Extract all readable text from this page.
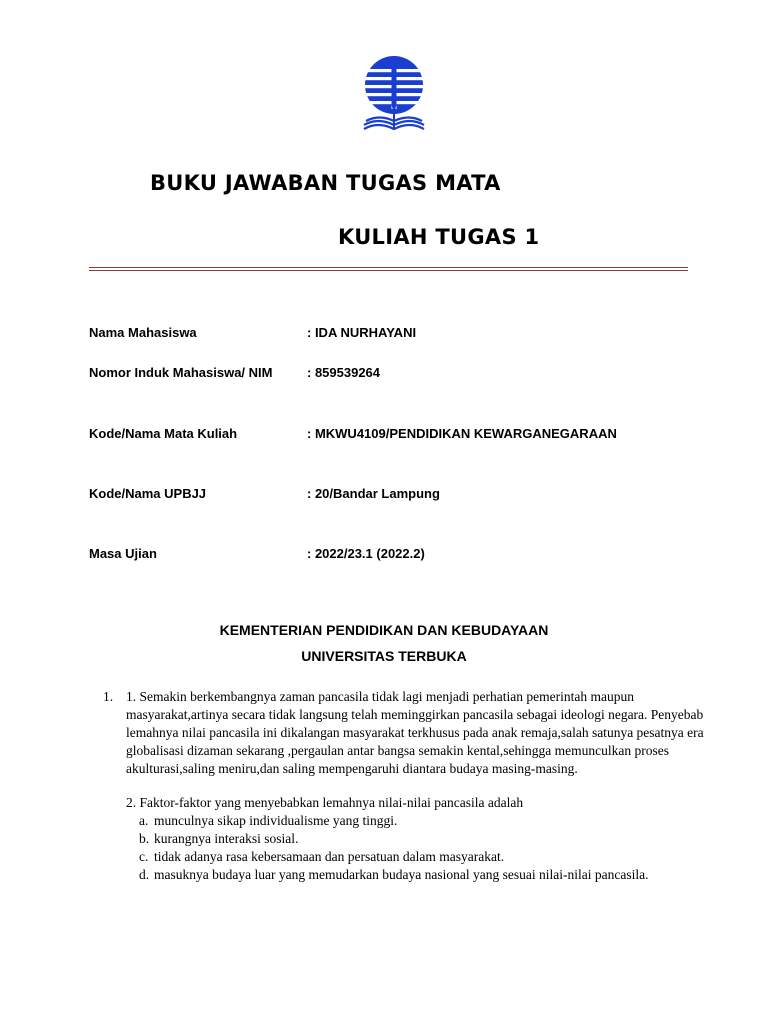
BUKU JAWABAN TUGAS MATA
KULIAH TUGAS 1
Nama Mahasiswa	: IDA NURHAYANI
Nomor Induk Mahasiswa/ NIM	: 859539264
Kode/Nama Mata Kuliah	: MKWU4109/PENDIDIKAN KEWARGANEGARAAN
Kode/Nama UPBJJ	: 20/Bandar Lampung
Masa Ujian	: 2022/23.1 (2022.2)
KEMENTERIAN PENDIDIKAN DAN KEBUDAYAAN
UNIVERSITAS TERBUKA
1. 1. Semakin berkembangnya zaman pancasila tidak lagi menjadi perhatian pemerintah maupun masyarakat,artinya secara tidak langsung telah meminggirkan pancasila sebagai ideologi negara. Penyebab lemahnya nilai pancasila ini dikalangan masyarakat terkhusus pada anak remaja,salah satunya pesatnya era globalisasi dizaman sekarang ,pergaulan antar bangsa semakin kental,sehingga memunculkan proses akulturasi,saling meniru,dan saling mempengaruhi diantara budaya masing-masing.

2. Faktor-faktor yang menyebabkan lemahnya nilai-nilai pancasila adalah

a. munculnya sikap individualisme yang tinggi.
b. kurangnya interaksi sosial.
c. tidak adanya rasa kebersamaan dan persatuan dalam masyarakat.
d. masuknya budaya luar yang memudarkan budaya nasional yang sesuai nilai-nilai pancasila.
